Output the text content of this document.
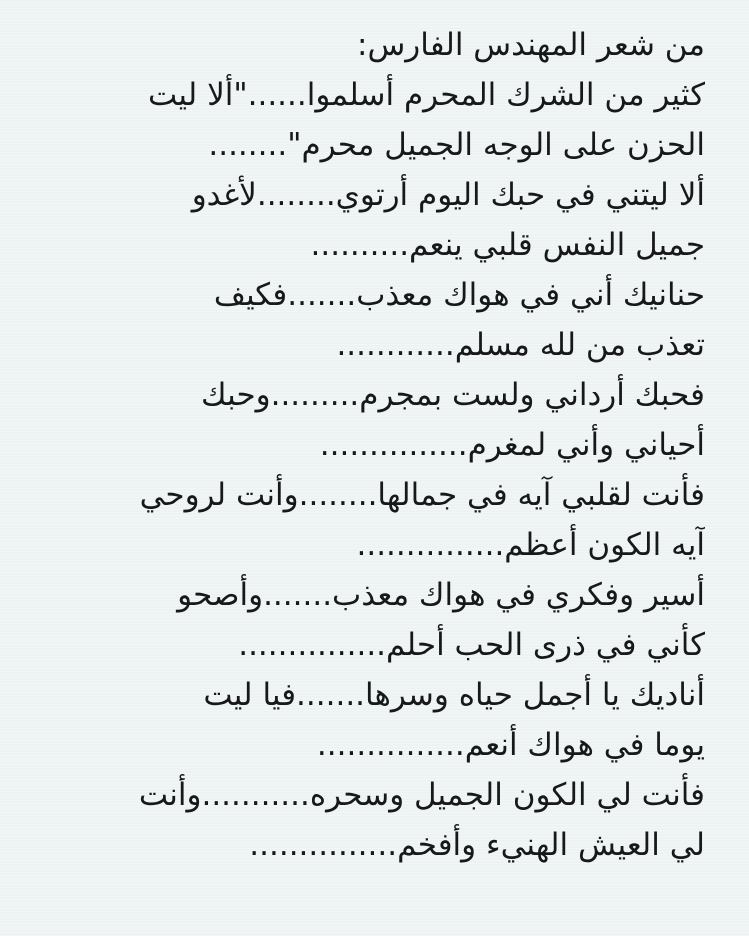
من شعر المهندس الفارس:
كثير من الشرك المحرم أسلموا......"ألا ليت
الحزن على الوجه الجميل محرم"........
ألا ليتني في حبك اليوم أرتوي........لأغدو
جميل النفس قلبي ينعم..........
حنانيك أني في هواك معذب.......فكيف
تعذب من لله مسلم............
فحبك أرداني ولست بمجرم.........وحبك
أحياني وأني لمغرم...............
فأنت لقلبي آيه في جمالها........وأنت لروحي
آيه الكون أعظم...............
أسير وفكري في هواك معذب.......وأصحو
كأني في ذرى الحب أحلم...............
أناديك يا أجمل حياه وسرها.......فيا ليت
يوما في هواك أنعم...............
فأنت لي الكون الجميل وسحره...........وأنت
لي العيش الهنيء وأفخم...............
